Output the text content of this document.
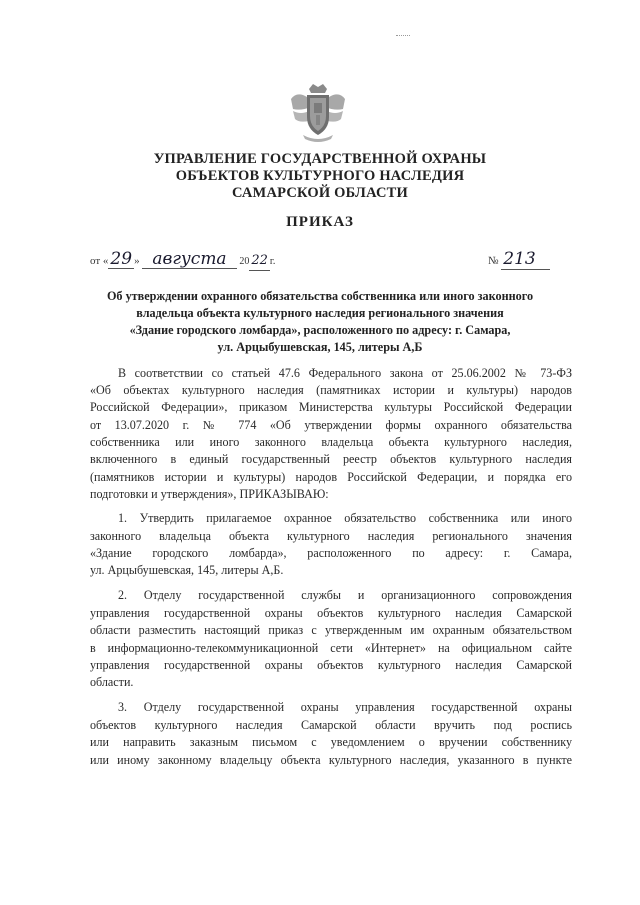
УПРАВЛЕНИЕ ГОСУДАРСТВЕННОЙ ОХРАНЫ
ОБЪЕКТОВ КУЛЬТУРНОГО НАСЛЕДИЯ
САМАРСКОЙ ОБЛАСТИ
ПРИКАЗ
от « 29 » августа 20 22 г.	№ 213
Об утверждении охранного обязательства собственника или иного законного
владельца объекта культурного наследия регионального значения
«Здание городского ломбарда», расположенного по адресу: г. Самара,
ул. Арцыбушевская, 145, литеры А,Б
В соответствии со статьей 47.6 Федерального закона от 25.06.2002 № 73-ФЗ
«Об объектах культурного наследия (памятниках истории и культуры) народов
Российской Федерации», приказом Министерства культуры Российской Федерации
от 13.07.2020 г. № 774 «Об утверждении формы охранного обязательства
собственника или иного законного владельца объекта культурного наследия,
включенного в единый государственный реестр объектов культурного наследия
(памятников истории и культуры) народов Российской Федерации, и порядка его
подготовки и утверждения», ПРИКАЗЫВАЮ:
1. Утвердить прилагаемое охранное обязательство собственника или иного
законного владельца объекта культурного наследия регионального значения
«Здание городского ломбарда», расположенного по адресу: г. Самара,
ул. Арцыбушевская, 145, литеры А,Б.
2. Отделу государственной службы и организационного сопровождения
управления государственной охраны объектов культурного наследия Самарской
области разместить настоящий приказ с утвержденным им охранным обязательством
в информационно-телекоммуникационной сети «Интернет» на официальном сайте
управления государственной охраны объектов культурного наследия Самарской
области.
3. Отделу государственной охраны управления государственной охраны
объектов культурного наследия Самарской области вручить под роспись
или направить заказным письмом с уведомлением о вручении собственнику
или иному законному владельцу объекта культурного наследия, указанного в пункте
